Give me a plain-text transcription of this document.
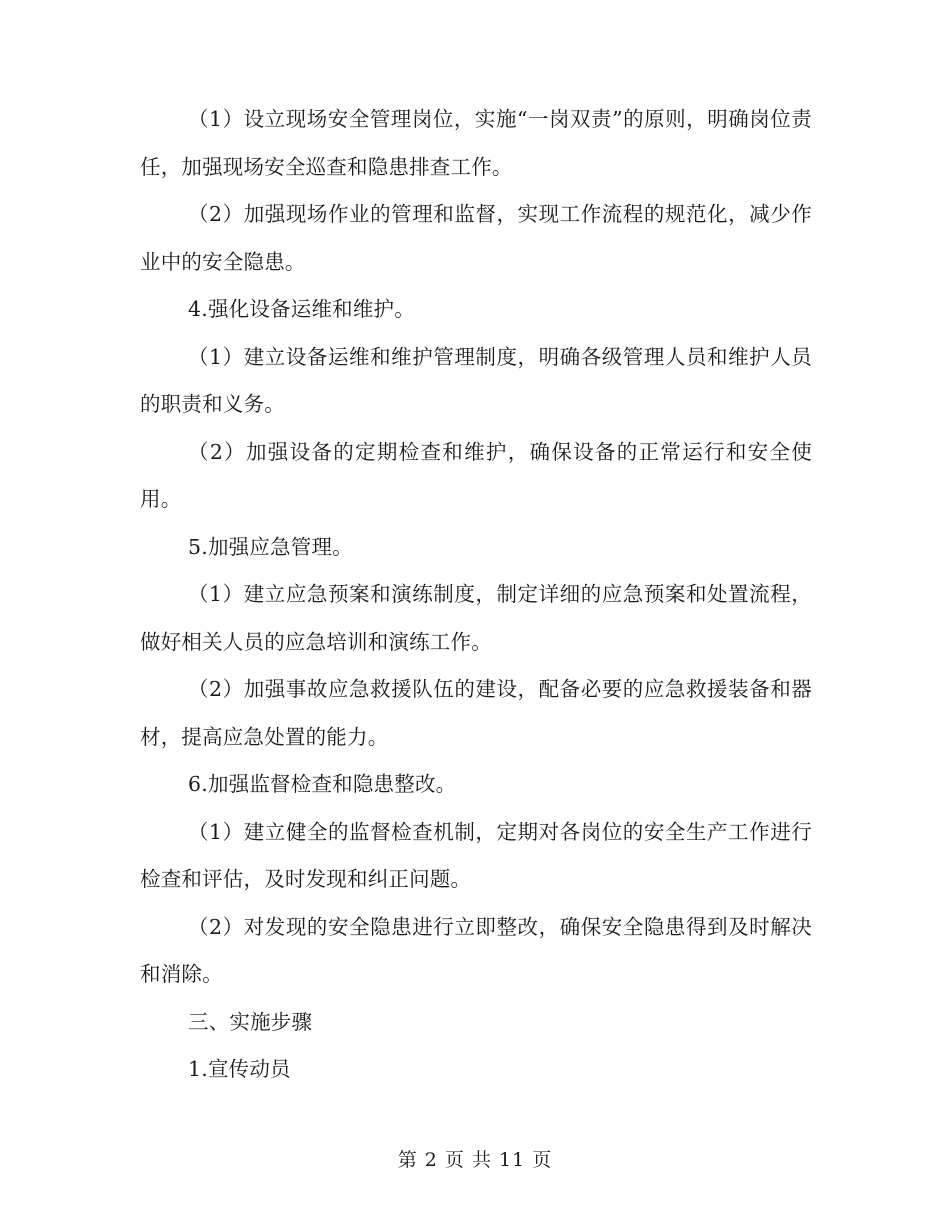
（1）设立现场安全管理岗位，实施“一岗双责”的原则，明确岗位责任，加强现场安全巡查和隐患排查工作。

（2）加强现场作业的管理和监督，实现工作流程的规范化，减少作业中的安全隐患。

4.强化设备运维和维护。

（1）建立设备运维和维护管理制度，明确各级管理人员和维护人员的职责和义务。

（2）加强设备的定期检查和维护，确保设备的正常运行和安全使用。

5.加强应急管理。

（1）建立应急预案和演练制度，制定详细的应急预案和处置流程，做好相关人员的应急培训和演练工作。

（2）加强事故应急救援队伍的建设，配备必要的应急救援装备和器材，提高应急处置的能力。

6.加强监督检查和隐患整改。

（1）建立健全的监督检查机制，定期对各岗位的安全生产工作进行检查和评估，及时发现和纠正问题。

（2）对发现的安全隐患进行立即整改，确保安全隐患得到及时解决和消除。

三、实施步骤

1.宣传动员

第 2 页 共 11 页
